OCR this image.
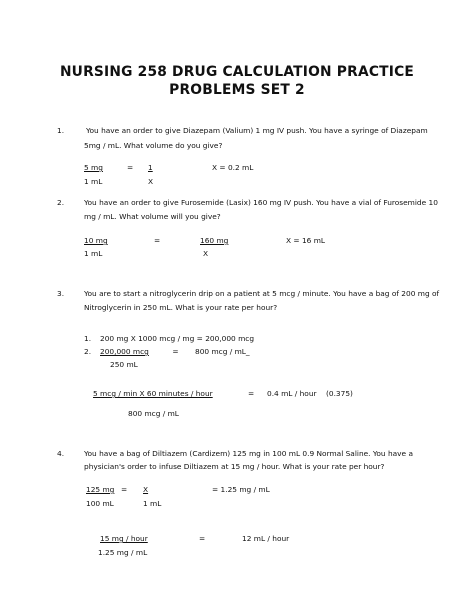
NURSING 258 DRUG CALCULATION PRACTICE
PROBLEMS SET 2
1.	You have an order to give Diazepam (Valium) 1 mg IV push. You have a syringe of Diazepam
5mg / mL. What volume do you give?
5 mg	= 1	X = 0.2 mL
1 mL	X
2.	You have an order to give Furosemide (Lasix) 160 mg IV push. You have a vial of Furosemide 10
mg / mL. What volume will you give?
10 mg	=	160 mg	X = 16 mL
1 mL	X
3.	You are to start a nitroglycerin drip on a patient at 5 mcg / minute. You have a bag of 200 mg of
Nitroglycerin in 250 mL. What is your rate per hour?
1. 200 mg X 1000 mcg / mg = 200,000 mcg
2. 200,000 mcg          =       800 mcg / mL_
250 mL
5 mcg / min X 60 minutes / hour	= 0.4 mL / hour (0.375)
800 mcg / mL
4.	You have a bag of Diltiazem (Cardizem) 125 mg in 100 mL 0.9 Normal Saline. You have a
physician's order to infuse Diltiazem at 15 mg / hour. What is your rate per hour?
125 mg = X	= 1.25 mg / mL
100 mL	1 mL
15 mg / hour	=	12 mL / hour
1.25 mg / mL
